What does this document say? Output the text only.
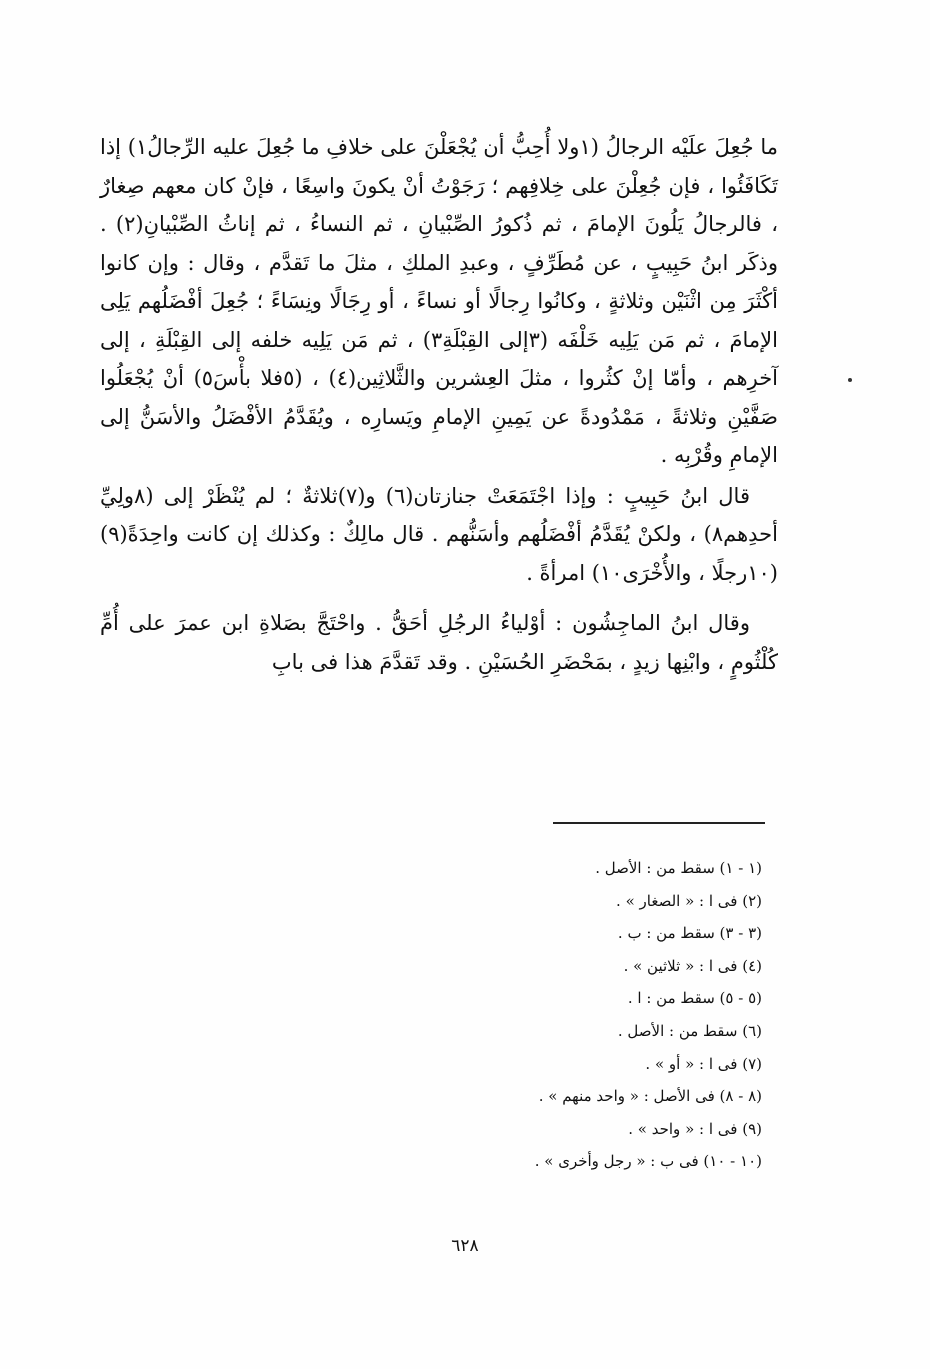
ما جُعِلَ علَيْه الرجالُ (١ولا أُحِبُّ أن يُجْعَلْنَ على خلافِ ما جُعِلَ عليه الرِّجالُ١) إذا تَكَافَئُوا ، فإن جُعِلْنَ على خِلافِهم ؛ رَجَوْتُ أنْ يكونَ واسِعًا ، فإنْ كان معهم صِغارٌ ، فالرجالُ يَلُونَ الإمامَ ، ثم ذُكورُ الصِّبْيانِ ، ثم النساءُ ، ثم إناثُ الصِّبْيانِ(٢) . وذكَر ابنُ حَبِيبٍ ، عن مُطَرِّفٍ ، وعبدِ الملكِ ، مثلَ ما تَقدَّم ، وقال : وإن كانوا أكْثَرَ مِن اثْنَيْن وثلاثةٍ ، وكانُوا رِجالًا أو نساءً ، أو رِجَالًا ونِسَاءً ؛ جُعِلَ أفْضَلُهم يَلِى الإمامَ ، ثم مَن يَلِيه خَلْفَه (٣إلى القِبْلَةِ٣) ، ثم مَن يَلِيه خلفه إلى القِبْلَةِ ، إلى آخرِهم ، وأمّا إنْ كثُروا ، مثلَ العِشرين والثَّلاثِين(٤) ، (٥فلا بأْسَ٥) أنْ يُجْعَلُوا صَفَّيْنِ وثلاثةً ، مَمْدُودةً عن يَمِينِ الإمامِ ويَسارِه ، ويُقَدَّمُ الأفْضَلُ والأسَنُّ إلى الإمامِ وقُرْبِه .

قال ابنُ حَبِيبٍ : وإذا اجْتَمَعَتْ جنازتان(٦) و(٧)ثلاثةٌ ؛ لم يُنْظَرْ إلى (٨ولِيِّ أحدِهم٨) ، ولكنْ يُقَدَّمُ أفْضَلُهم وأسَنُّهم . قال مالِكٌ : وكذلك إن كانت واحِدَةً(٩) (١٠رجلًا ، والأُخْرَى١٠) امرأةً .

وقال ابنُ الماجِشُون : أوْلياءُ الرجُلِ أحَقُّ . واحْتَجَّ بصَلاةِ ابن عمرَ على أُمِّ كُلْثُومٍ ، وابْنِها زيدٍ ، بمَحْضَرِ الحُسَيْنِ . وقد تَقدَّمَ هذا فى بابِ

(١ - ١) سقط من : الأصل .
(٢) فى ا : « الصغار » .
(٣ - ٣) سقط من : ب .
(٤) فى ا : « ثلاثين » .
(٥ - ٥) سقط من : ا .
(٦) سقط من : الأصل .
(٧) فى ا : « أو » .
(٨ - ٨) فى الأصل : « واحد منهم » .
(٩) فى ا : « واحد » .
(١٠ - ١٠) فى ب : « رجل وأخرى » .
٦٢٨
